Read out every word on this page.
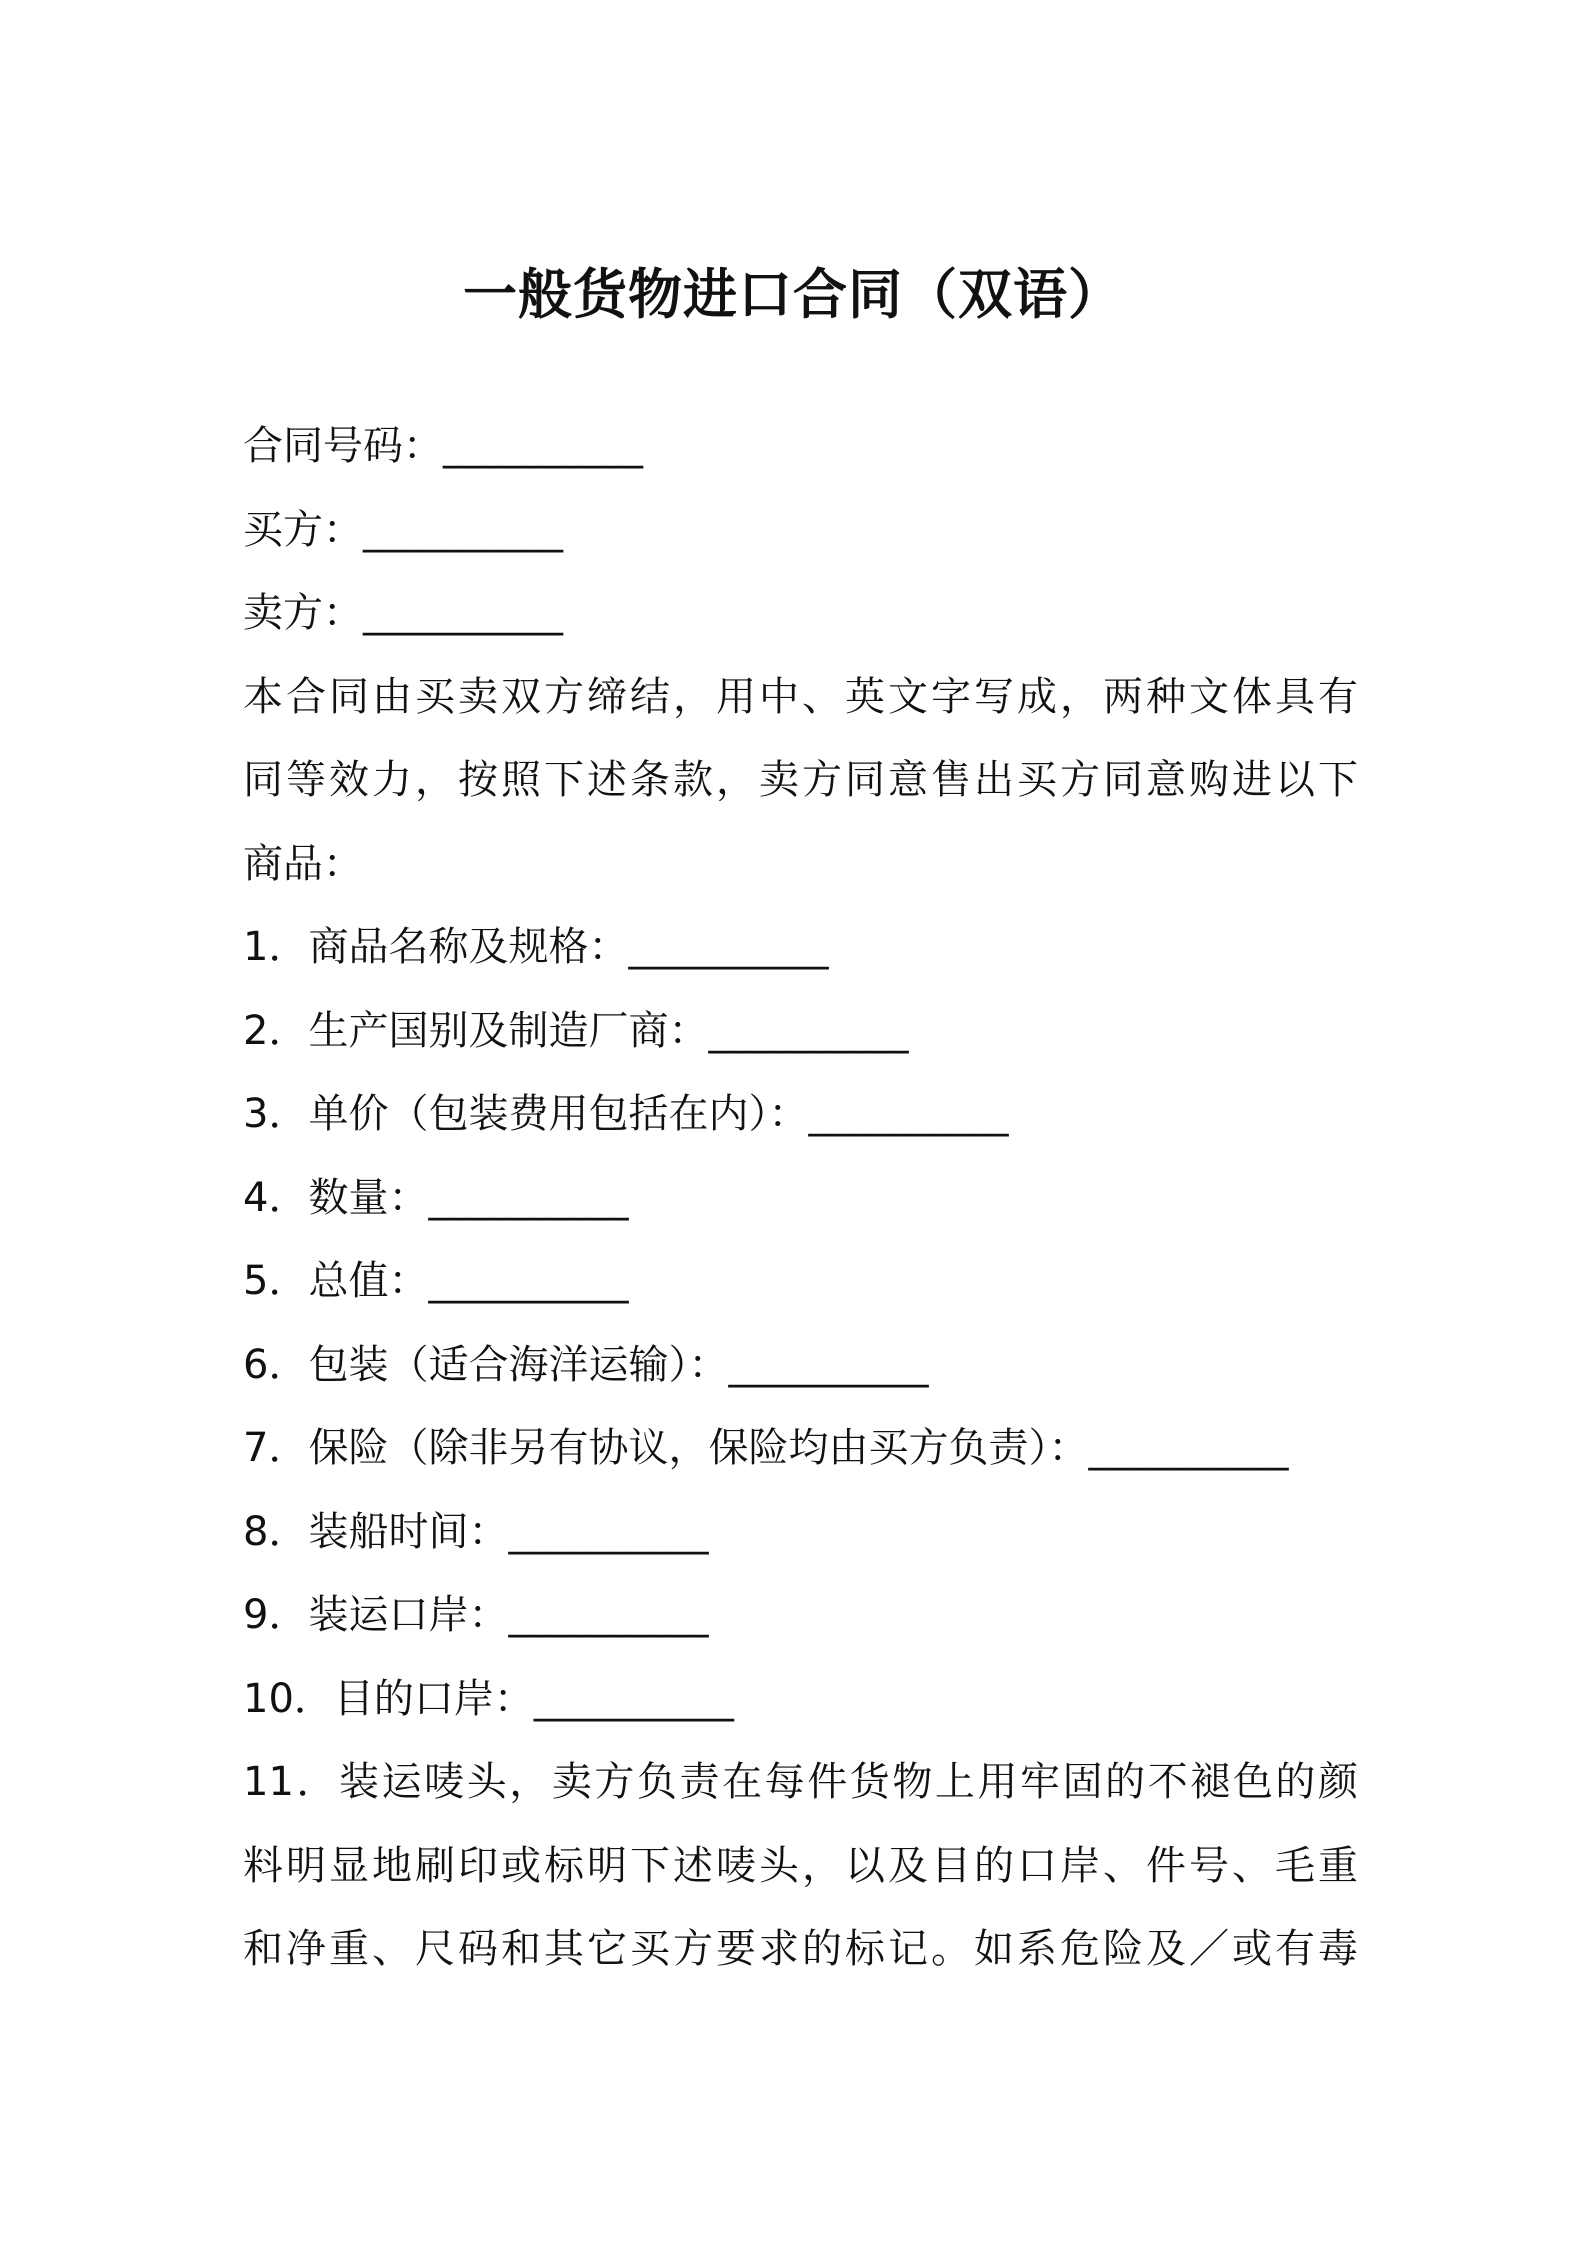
一般货物进口合同（双语）
合同号码：__________
买方：__________
卖方：__________
本合同由买卖双方缔结，用中、英文字写成，两种文体具有
同等效力，按照下述条款，卖方同意售出买方同意购进以下
商品：
1．商品名称及规格：__________
2．生产国别及制造厂商：__________
3．单价（包装费用包括在内）：__________
4．数量：__________
5．总值：__________
6．包装（适合海洋运输）：__________
7．保险（除非另有协议，保险均由买方负责）：__________
8．装船时间：__________
9．装运口岸：__________
10．目的口岸：__________
11．装运唛头，卖方负责在每件货物上用牢固的不褪色的颜
料明显地刷印或标明下述唛头，以及目的口岸、件号、毛重
和净重、尺码和其它买方要求的标记。如系危险及／或有毒
